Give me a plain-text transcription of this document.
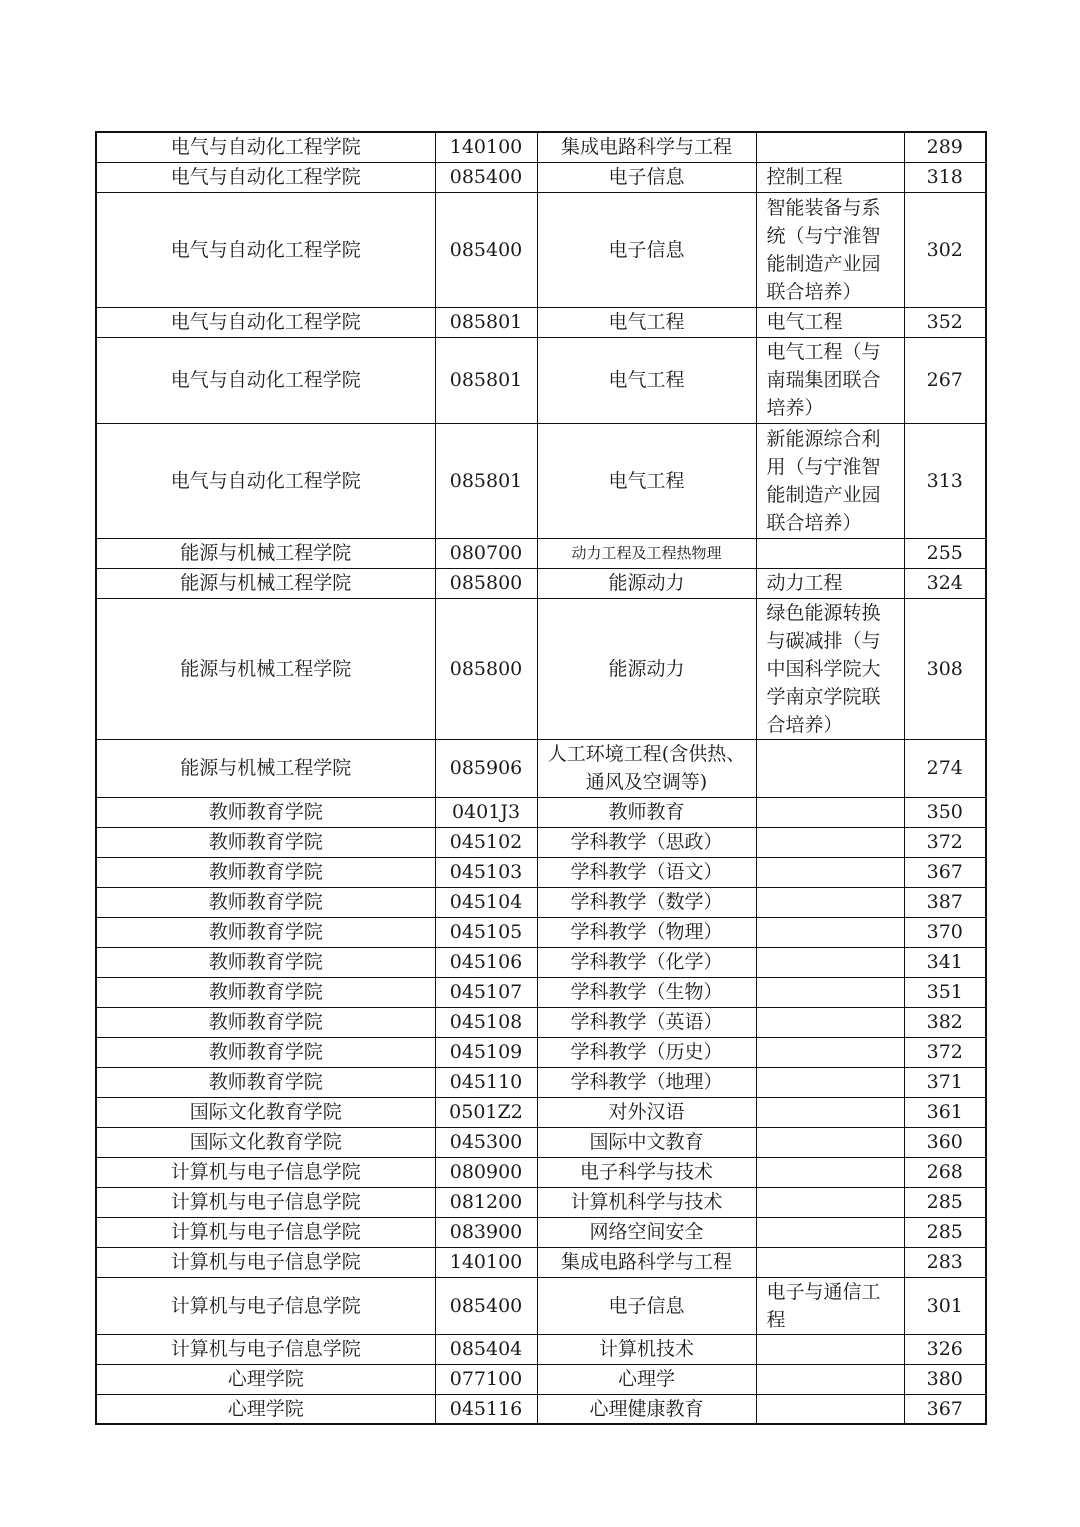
电气与自动化工程学院	140100	集成电路科学与工程		289
电气与自动化工程学院	085400	电子信息	控制工程	318
电气与自动化工程学院	085400	电子信息	智能装备与系统（与宁淮智能制造产业园联合培养）	302
电气与自动化工程学院	085801	电气工程	电气工程	352
电气与自动化工程学院	085801	电气工程	电气工程（与南瑞集团联合培养）	267
电气与自动化工程学院	085801	电气工程	新能源综合利用（与宁淮智能制造产业园联合培养）	313
能源与机械工程学院	080700	动力工程及工程热物理		255
能源与机械工程学院	085800	能源动力	动力工程	324
能源与机械工程学院	085800	能源动力	绿色能源转换与碳减排（与中国科学院大学南京学院联合培养）	308
能源与机械工程学院	085906	人工环境工程(含供热、通风及空调等)		274
教师教育学院	0401J3	教师教育		350
教师教育学院	045102	学科教学（思政）		372
教师教育学院	045103	学科教学（语文）		367
教师教育学院	045104	学科教学（数学）		387
教师教育学院	045105	学科教学（物理）		370
教师教育学院	045106	学科教学（化学）		341
教师教育学院	045107	学科教学（生物）		351
教师教育学院	045108	学科教学（英语）		382
教师教育学院	045109	学科教学（历史）		372
教师教育学院	045110	学科教学（地理）		371
国际文化教育学院	0501Z2	对外汉语		361
国际文化教育学院	045300	国际中文教育		360
计算机与电子信息学院	080900	电子科学与技术		268
计算机与电子信息学院	081200	计算机科学与技术		285
计算机与电子信息学院	083900	网络空间安全		285
计算机与电子信息学院	140100	集成电路科学与工程		283
计算机与电子信息学院	085400	电子信息	电子与通信工程	301
计算机与电子信息学院	085404	计算机技术		326
心理学院	077100	心理学		380
心理学院	045116	心理健康教育		367
